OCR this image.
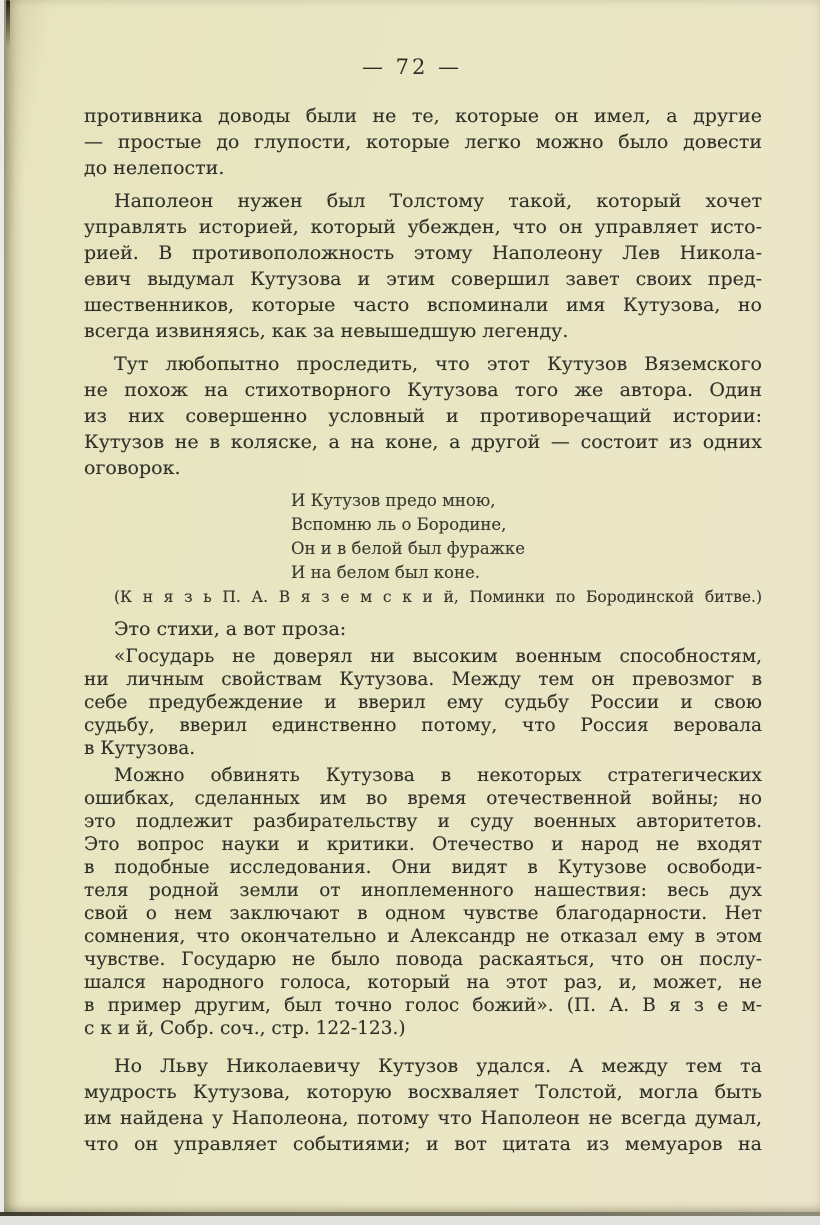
— 72 —
противника доводы были не те, которые он имел, а другие
— простые до глупости, которые легко можно было довести
до нелепости.
Наполеон нужен был Толстому такой, который хочет
управлять историей, который убежден, что он управляет исто-
рией. В противоположность этому Наполеону Лев Никола-
евич выдумал Кутузова и этим совершил завет своих пред-
шественников, которые часто вспоминали имя Кутузова, но
всегда извиняясь, как за невышедшую легенду.
Тут любопытно проследить, что этот Кутузов Вяземского
не похож на стихотворного Кутузова того же автора. Один
из них совершенно условный и противоречащий истории:
Кутузов не в коляске, а на коне, а другой — состоит из одних
оговорок.
И Кутузов предо мною,
Вспомню ль о Бородине,
Он и в белой был фуражке
И на белом был коне.
(К н я з ь П. А. В я з е м с к и й, Поминки по Бородинской битве.)
Это стихи, а вот проза:
«Государь не доверял ни высоким военным способностям,
ни личным свойствам Кутузова. Между тем он превозмог в
себе предубеждение и вверил ему судьбу России и свою
судьбу, вверил единственно потому, что Россия веровала
в Кутузова.
Можно обвинять Кутузова в некоторых стратегических
ошибках, сделанных им во время отечественной войны; но
это подлежит разбирательству и суду военных авторитетов.
Это вопрос науки и критики. Отечество и народ не входят
в подобные исследования. Они видят в Кутузове освободи-
теля родной земли от иноплеменного нашествия: весь дух
свой о нем заключают в одном чувстве благодарности. Нет
сомнения, что окончательно и Александр не отказал ему в этом
чувстве. Государю не было повода раскаяться, что он послу-
шался народного голоса, который на этот раз, и, может, не
в пример другим, был точно голос божий». (П. А. В я з е м-
с к и й, Собр. соч., стр. 122-123.)
Но Льву Николаевичу Кутузов удался. А между тем та
мудрость Кутузова, которую восхваляет Толстой, могла быть
им найдена у Наполеона, потому что Наполеон не всегда думал,
что он управляет событиями; и вот цитата из мемуаров на
